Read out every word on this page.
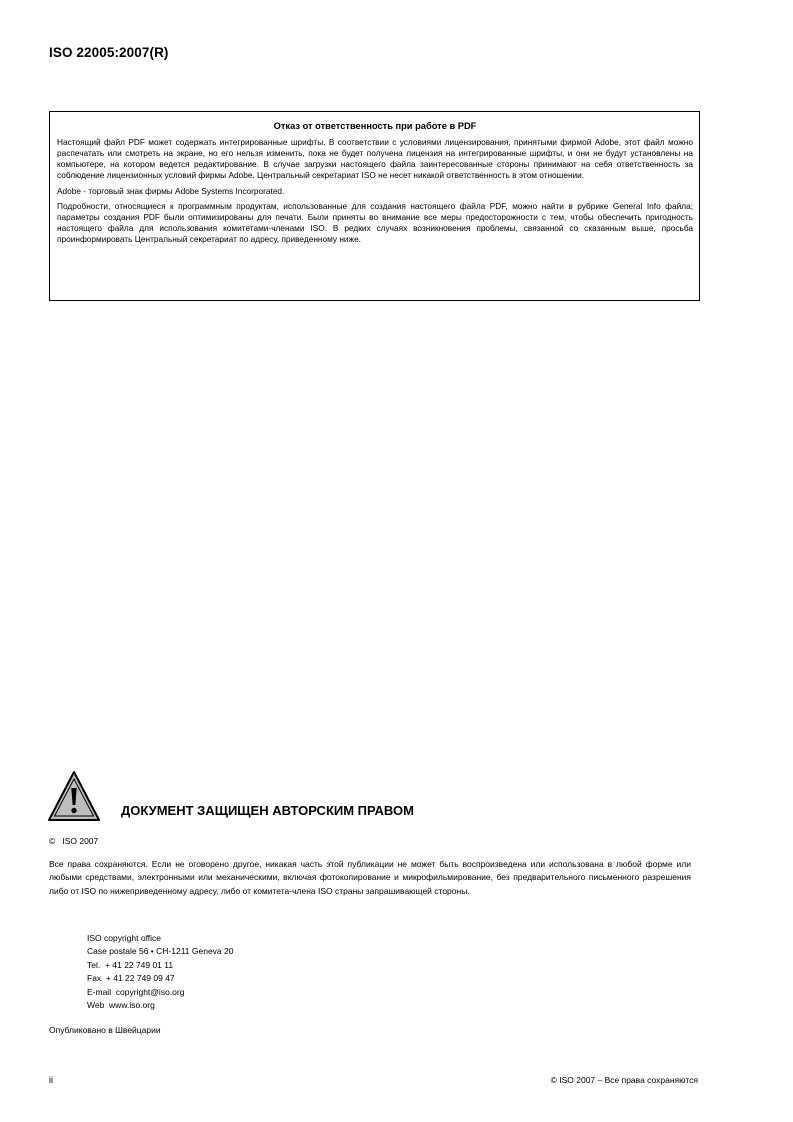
ISO 22005:2007(R)
Отказ от ответственность при работе в PDF

Настоящий файл PDF может содержать интегрированные шрифты. В соответствии с условиями лицензирования, принятыми фирмой Adobe, этот файл можно распечатать или смотреть на экране, но его нельзя изменить, пока не будет получена лицензия на интегрированные шрифты, и они не будут установлены на компьютере, на котором ведется редактирование. В случае загрузки настоящего файла заинтересованные стороны принимают на себя ответственность за соблюдение лицензионных условий фирмы Adobe. Центральный секретариат ISO не несет никакой ответственность в этом отношении.

Adobe - торговый знак фирмы Adobe Systems Incorporated.

Подробности, относящиеся к программным продуктам, использованные для создания настоящего файла PDF, можно найти в рубрике General Info файла; параметры создания PDF были оптимизированы для печати. Были приняты во внимание все меры предосторожности с тем, чтобы обеспечить пригодность настоящего файла для использования комитетами-членами ISO. В редких случаях возникновения проблемы, связанной со сказанным выше, просьба проинформировать Центральный секретариат по адресу, приведенному ниже.

ДОКУМЕНТ ЗАЩИЩЕН АВТОРСКИМ ПРАВОМ
©   ISO 2007

Все права сохраняются. Если не оговорено другое, никакая часть этой публикации не может быть воспроизведена или использована в любой форме или любыми средствами, электронными или механическими, включая фотокопирование и микрофильмирование, без предварительного письменного разрешения либо от ISO по нижеприведенному адресу, либо от комитета-члена ISO страны запрашивающей стороны.

ISO copyright office
Case postale 56 • CH-1211 Geneva 20
Tel.  + 41 22 749 01 11
Fax  + 41 22 749 09 47
E-mail  copyright@iso.org
Web  www.iso.org
Опубликовано в Швейцарии
ii	© ISO 2007 – Все права сохраняются
